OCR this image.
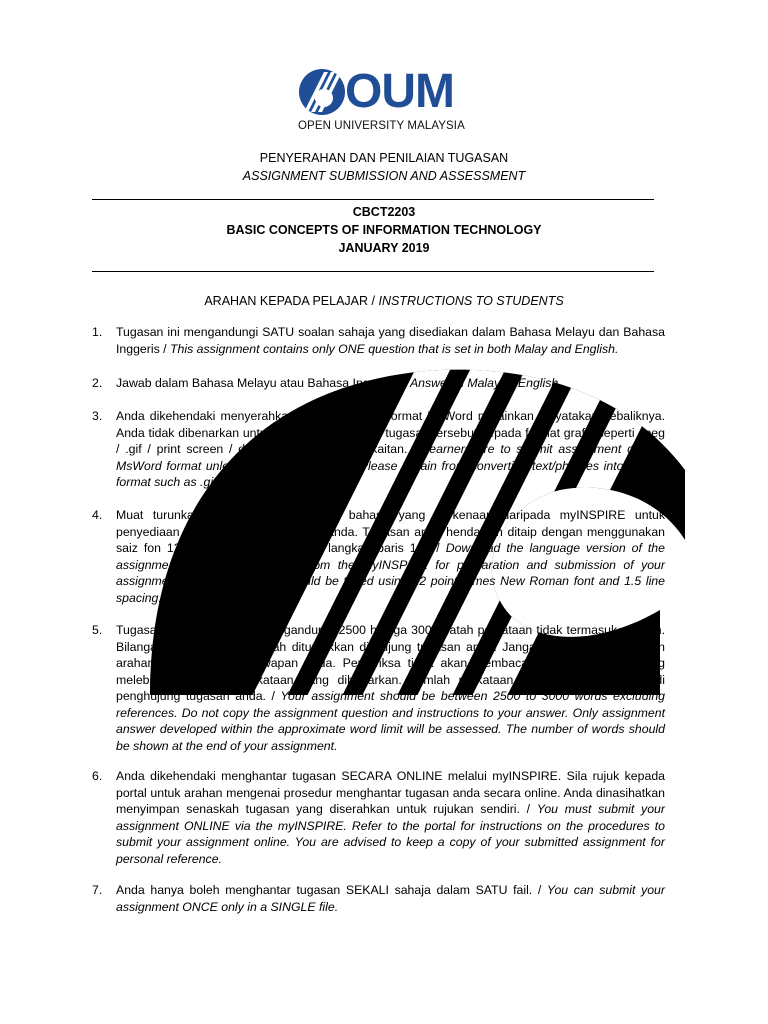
OUM
OPEN UNIVERSITY MALAYSIA
PENYERAHAN DAN PENILAIAN TUGASAN
ASSIGNMENT SUBMISSION AND ASSESSMENT
CBCT2203
BASIC CONCEPTS OF INFORMATION TECHNOLOGY
JANUARY 2019
ARAHAN KEPADA PELAJAR / INSTRUCTIONS TO STUDENTS
1.	Tugasan ini mengandungi SATU soalan sahaja yang disediakan dalam Bahasa Melayu dan Bahasa Inggeris / This assignment contains only ONE question that is set in both Malay and English.
2.	Jawab dalam Bahasa Melayu atau Bahasa Inggeris. / Answer in Malay or English.
3.	Anda dikehendaki menyerahkan tugasan dalam format MsWord melainkan dinyatakan sebaliknya. Anda tidak dibenarkan untuk menukar teks/frasa tugasan tersebut kepada format grafik seperti .jpeg / .gif / print screen / dan lain-lain format berkaitan. / Learners are to submit assignment only in MsWord format unless specified otherwise. Please refrain from converting text/phrases into picture format such as .gif / .jpeg / print screen / etc.
4.	Muat turunkan templat tugasan versi bahasa yang berkenaan daripada myINSPIRE untuk penyediaan dan penyerahan tugasan anda. Tugasan anda hendaklah ditaip dengan menggunakan saiz fon 12 Times New Roman dan langkau baris 1.5. / Download the language version of the assignment template concerned from the myINSPIRE for preparation and submission of your assignment. Your assignment should be typed using 12 point Times New Roman font and 1.5 line spacing.
5.	Tugasan anda hendaklah mengandungi 2500 hingga 3000 patah perkataan tidak termasuk rujukan. Bilangan perkataan hendaklah ditunjukkan di hujung tugasan anda. Jangan menyalin soalan dan arahan tugasan dalam jawapan anda. Pemeriksa tidak akan membaca jawapan tugasan yang melebihi had patah perkataan yang dibenarkan. Jumlah perkataan hendaklah dinyatakan di penghujung tugasan anda. / Your assignment should be between 2500 to 3000 words excluding references. Do not copy the assignment question and instructions to your answer. Only assignment answer developed within the approximate word limit will be assessed. The number of words should be shown at the end of your assignment.
6.	Anda dikehendaki menghantar tugasan SECARA ONLINE melalui myINSPIRE. Sila rujuk kepada portal untuk arahan mengenai prosedur menghantar tugasan anda secara online. Anda dinasihatkan menyimpan senaskah tugasan yang diserahkan untuk rujukan sendiri. / You must submit your assignment ONLINE via the myINSPIRE. Refer to the portal for instructions on the procedures to submit your assignment online. You are advised to keep a copy of your submitted assignment for personal reference.
7.	Anda hanya boleh menghantar tugasan SEKALI sahaja dalam SATU fail. / You can submit your assignment ONCE only in a SINGLE file.
